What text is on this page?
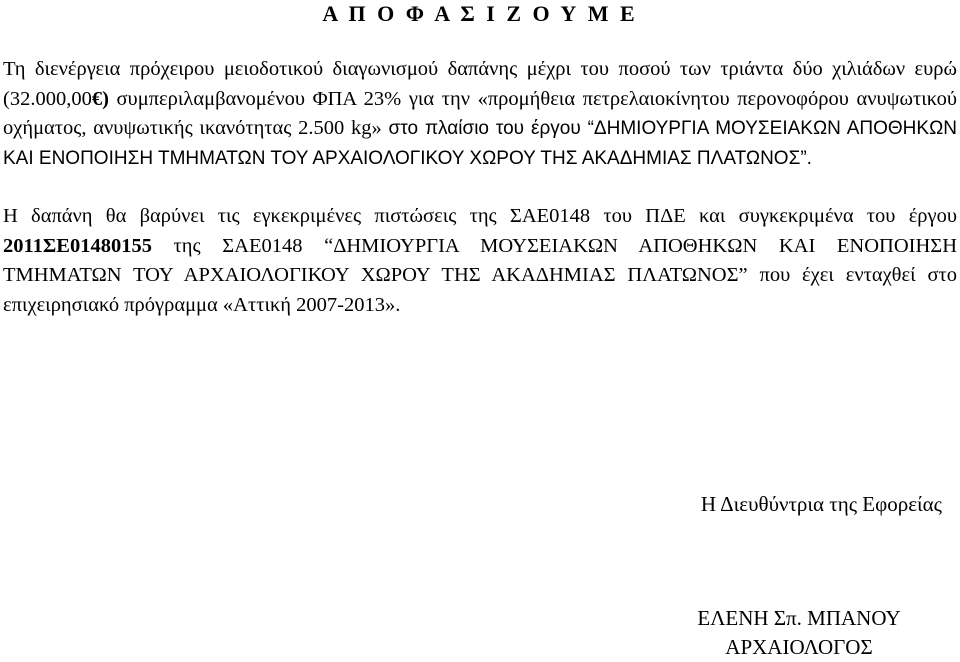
Α Π Ο Φ Α Σ Ι Ζ Ο Υ Μ Ε
Τη διενέργεια πρόχειρου μειοδοτικού διαγωνισμού δαπάνης μέχρι του ποσού των τριάντα δύο χιλιάδων ευρώ (32.000,00€) συμπεριλαμβανομένου ΦΠΑ 23% για την «προμήθεια πετρελαιοκίνητου περονοφόρου ανυψωτικού οχήματος, ανυψωτικής ικανότητας 2.500 kg» στο πλαίσιο του έργου “ΔΗΜΙΟΥΡΓΙΑ ΜΟΥΣΕΙΑΚΩΝ ΑΠΟΘΗΚΩΝ ΚΑΙ ΕΝΟΠΟΙΗΣΗ ΤΜΗΜΑΤΩΝ ΤΟΥ ΑΡΧΑΙΟΛΟΓΙΚΟΥ ΧΩΡΟΥ ΤΗΣ ΑΚΑΔΗΜΙΑΣ ΠΛΑΤΩΝΟΣ”.
Η δαπάνη θα βαρύνει τις εγκεκριμένες πιστώσεις της ΣΑΕ0148 του ΠΔΕ και συγκεκριμένα του έργου 2011ΣΕ01480155 της ΣΑΕ0148 “ΔΗΜΙΟΥΡΓΙΑ ΜΟΥΣΕΙΑΚΩΝ ΑΠΟΘΗΚΩΝ ΚΑΙ ΕΝΟΠΟΙΗΣΗ ΤΜΗΜΑΤΩΝ ΤΟΥ ΑΡΧΑΙΟΛΟΓΙΚΟΥ ΧΩΡΟΥ ΤΗΣ ΑΚΑΔΗΜΙΑΣ ΠΛΑΤΩΝΟΣ” που έχει ενταχθεί στο επιχειρησιακό πρόγραμμα «Αττική 2007-2013».
Η Διευθύντρια της Εφορείας
ΕΛΕΝΗ Σπ. ΜΠΑΝΟΥ
ΑΡΧΑΙΟΛΟΓΟΣ
